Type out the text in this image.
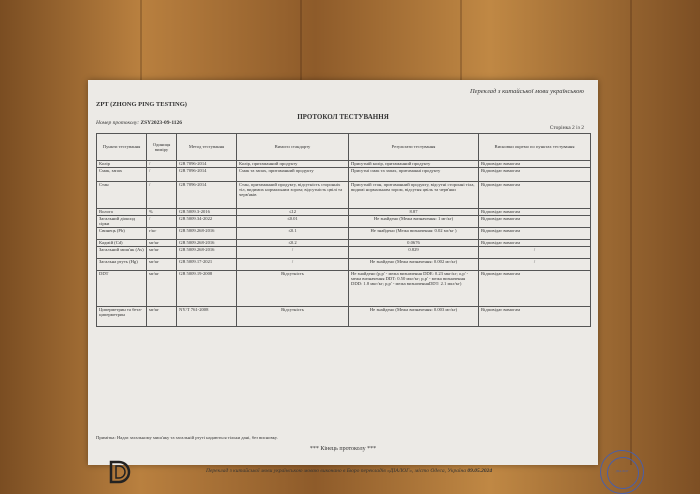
Переклад з китайської мови українською
ZPT (ZHONG PING TESTING)
ПРОТОКОЛ ТЕСТУВАННЯ
Номер протоколу: ZSY2023-09-1126
Сторінка 2 із 2
Пункти тестування	Одиниця виміру	Метод тестування	Вимоги стандарту	Результати тестування	Висновки окремо по пунктах тестування
Колір	/	GB 7096-2014	Колір, притаманний продукту	Присутній колір, притаманний продукту	Відповідає вимогам
Смак, запах	/	GB 7096-2014	Смак та запах, притаманний продукту	Присутні смак та запах, притаманні продукту	Відповідає вимогам
Стан	/	GB 7096-2014	Стан, притаманний продукту, відсутність сторонніх тіл, видимих нормальним зором; відсутність цвілі та черв'яків	Присутній стан, притаманний продукту, відсутні сторонні тіла, видимі нормальним зором, відсутня цвіль та черв'яки	Відповідає вимогам
Волога	%	GB 5009.3-2016	≤12	8.87	Відповідає вимогам
Загальний діоксид сірки	/	GB 5009.34-2022	≤0.01	Не знайдено (Межа визначення: 1 мг/кг)	Відповідає вимогам
Свинець (Pb)	г/кг	GB 5009.268-2016	≤0.1	Не знайдено (Межа визначення: 0.02 мг/кг )	Відповідає вимогам
Кадмій (Cd)	мг/кг	GB 5009.268-2016	≤0.2	0.0676	Відповідає вимогам
Загальний миш'як (As)	мг/кг	GB 5009.268-2016	/	0.829	/
Загальна ртуть (Hg)	мг/кг	GB 5009.17-2021	/	Не знайдено (Межа визначення: 0.002 мг/кг)	/
DDT	мг/кг	GB 5009.19-2008	Відсутність	Не знайдено (p,p' - межа визначення DDE: 0.23 мкг/кг; o,p' - межа визначення DDT: 0.50 мкг/кг; p,p' - межа визначення DDD: 1.8 мкг/кг; p,p' - межа визначенняDDT: 2.1 мкг/кг)	Відповідає вимогам
Циперметрин та бета-циперметрин	мг/кг	NY/T 761-2008	Відсутність	Не знайдено (Межа визначення: 0.003 мг/кг)	Відповідає вимогам
Примітка: Надає загальному миш'яку та загальній ртуті надаються тільки дані, без висновку.
*** Кінець протоколу ***
Переклад з китайської мови українською мовою виконано в Бюро перекладів «ДІАЛОГ», місто Одеса, Україна 09.05.2024	ДІАЛОГ
